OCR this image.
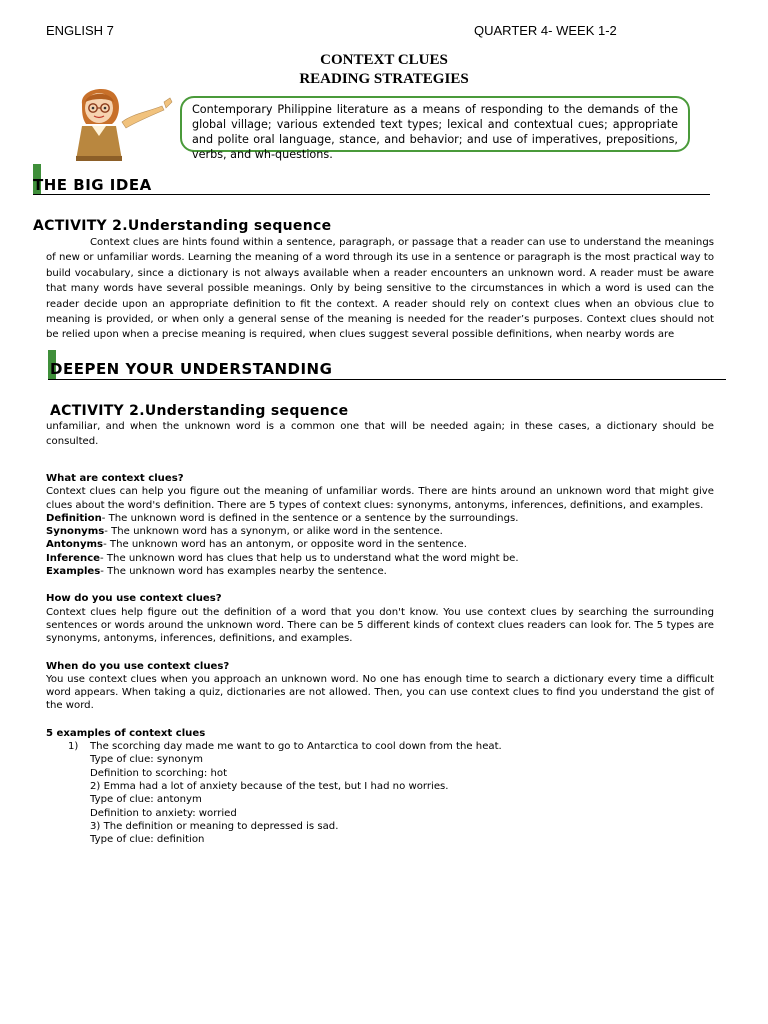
ENGLISH 7	QUARTER 4- WEEK 1-2
CONTEXT CLUES
READING STRATEGIES
Contemporary Philippine literature as a means of responding to the demands of the global village; various extended text types; lexical and contextual cues; appropriate and polite oral language, stance, and behavior; and use of imperatives, prepositions, verbs, and wh-questions.
THE BIG IDEA
ACTIVITY 2.Understanding sequence

Context clues are hints found within a sentence, paragraph, or passage that a reader can use to understand the meanings of new or unfamiliar words. Learning the meaning of a word through its use in a sentence or paragraph is the most practical way to build vocabulary, since a dictionary is not always available when a reader encounters an unknown word. A reader must be aware that many words have several possible meanings. Only by being sensitive to the circumstances in which a word is used can the reader decide upon an appropriate definition to fit the context. A reader should rely on context clues when an obvious clue to meaning is provided, or when only a general sense of the meaning is needed for the reader’s purposes. Context clues should not be relied upon when a precise meaning is required, when clues suggest several possible definitions, when nearby words are

DEEPEN YOUR UNDERSTANDING
ACTIVITY 2.Understanding sequence
unfamiliar, and when the unknown word is a common one that will be needed again; in these cases, a dictionary should be consulted.
What are context clues?
Context clues can help you figure out the meaning of unfamiliar words. There are hints around an unknown word that might give clues about the word's definition. There are 5 types of context clues: synonyms, antonyms, inferences, definitions, and examples.
Definition- The unknown word is defined in the sentence or a sentence by the surroundings.
Synonyms- The unknown word has a synonym, or alike word in the sentence.
Antonyms- The unknown word has an antonym, or opposite word in the sentence.
Inference- The unknown word has clues that help us to understand what the word might be.
Examples- The unknown word has examples nearby the sentence.
How do you use context clues?
Context clues help figure out the definition of a word that you don't know. You use context clues by searching the surrounding sentences or words around the unknown word. There can be 5 different kinds of context clues readers can look for. The 5 types are synonyms, antonyms, inferences, definitions, and examples.
When do you use context clues?
You use context clues when you approach an unknown word. No one has enough time to search a dictionary every time a difficult word appears. When taking a quiz, dictionaries are not allowed. Then, you can use context clues to find you understand the gist of the word.
5 examples of context clues
1) The scorching day made me want to go to Antarctica to cool down from the heat.
Type of clue: synonym
Definition to scorching: hot
2) Emma had a lot of anxiety because of the test, but I had no worries.
Type of clue: antonym
Definition to anxiety: worried
3) The definition or meaning to depressed is sad.
Type of clue: definition
